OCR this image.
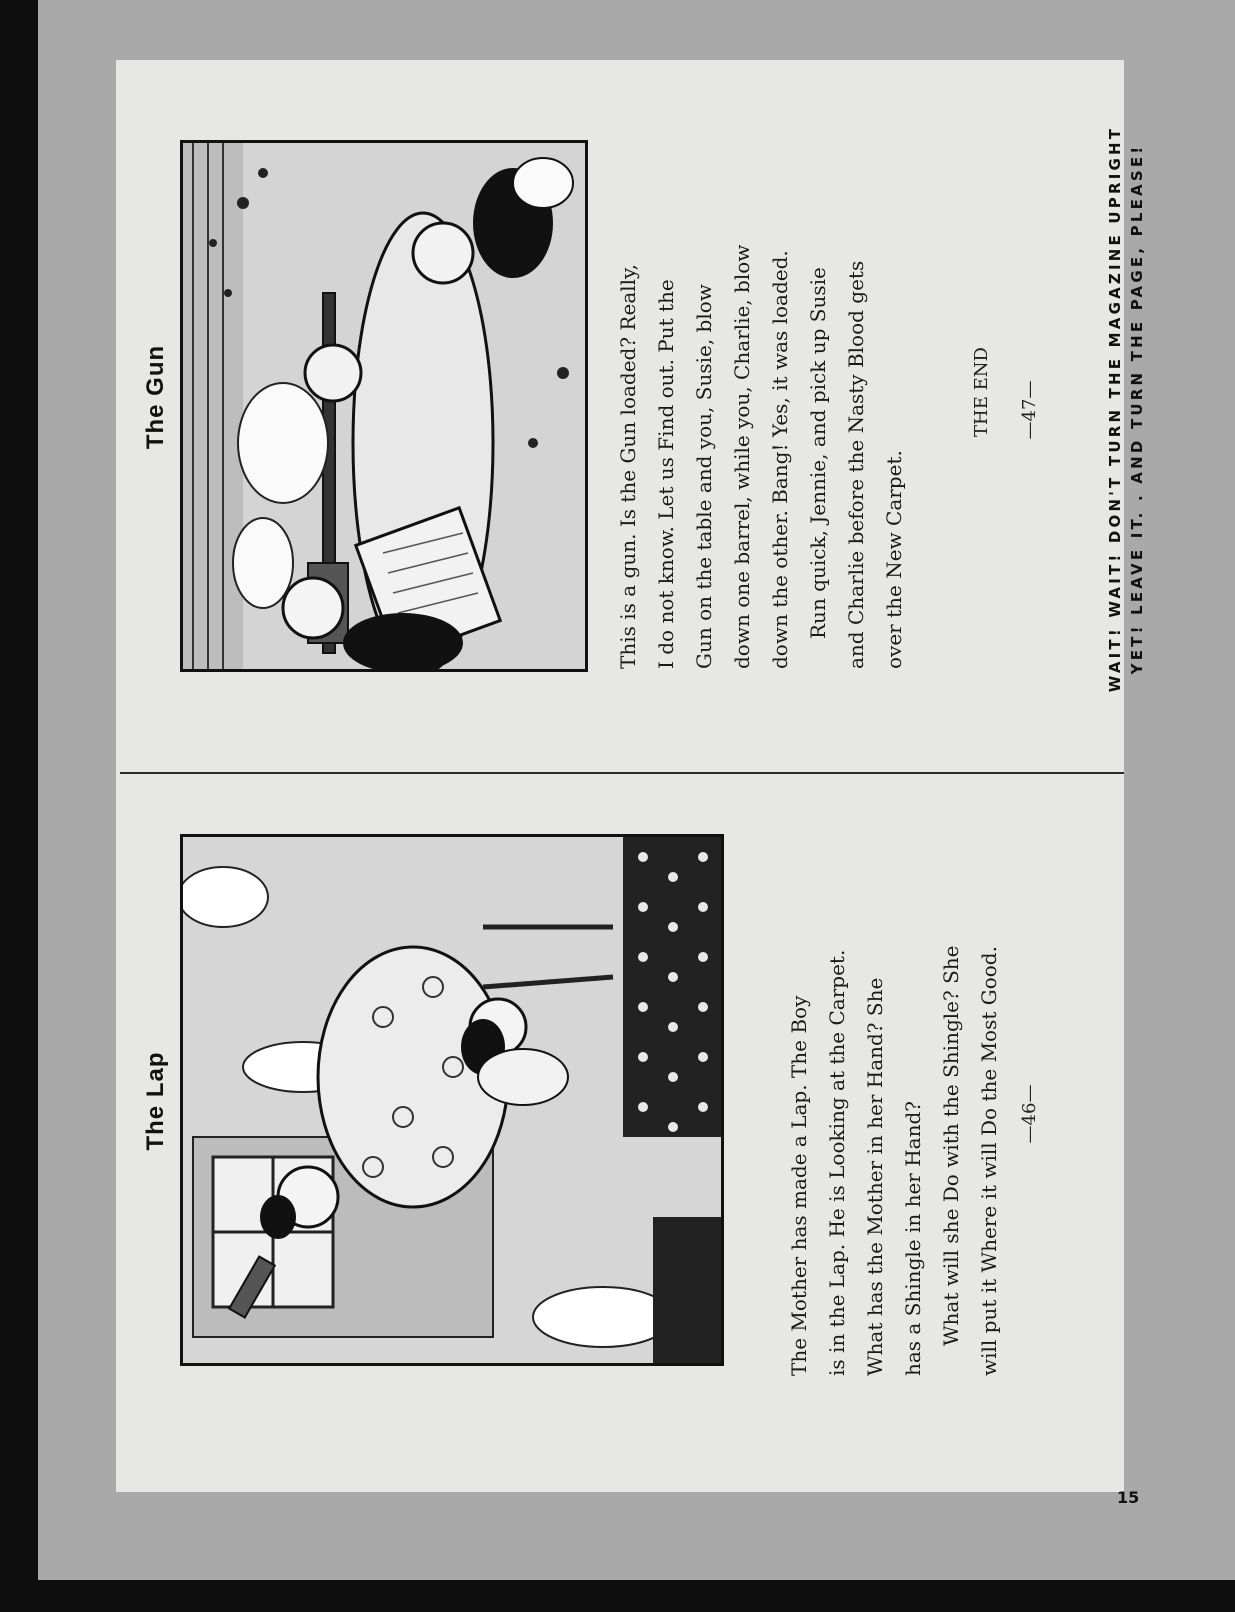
The Lap	The Mother has made a Lap. The Boy is in the Lap. He is Looking at the Carpet. What has the Mother in her Hand? She has a Shingle in her Hand? What will she Do with the Shingle? She will put it Where it will Do the Most Good.	—46—
The Gun	This is a gun. Is the Gun loaded? Really, I do not know. Let us Find out. Put the Gun on the table and you, Susie, blow down one barrel, while you, Charlie, blow down the other. Bang! Yes, it was loaded. Run quick, Jennie, and pick up Susie and Charlie before the Nasty Blood gets over the New Carpet.
THE END —47—	WAIT! WAIT! DON'T TURN THE MAGAZINE UPRIGHT YET! LEAVE IT. . AND TURN THE PAGE, PLEASE!
15
